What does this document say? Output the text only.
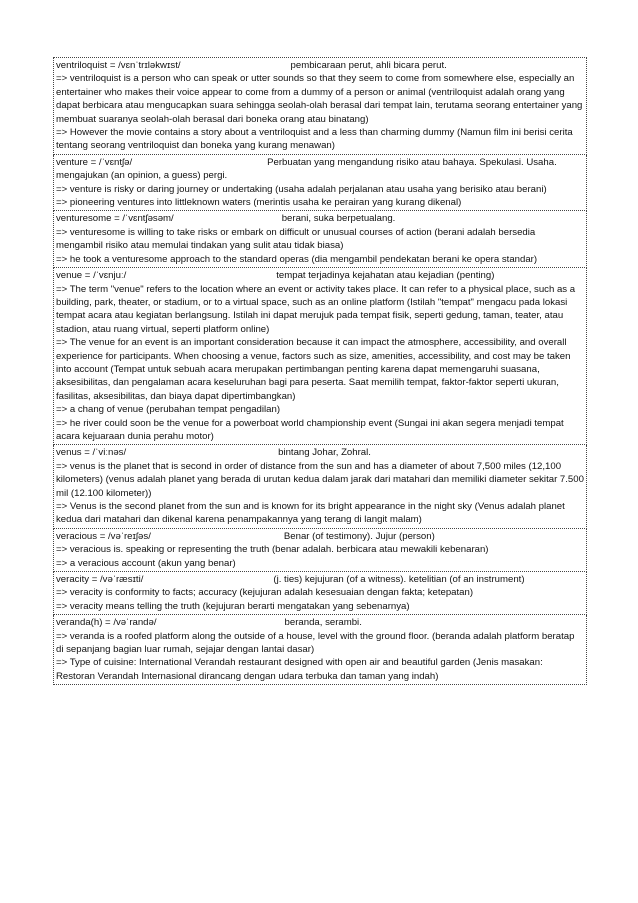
ventriloquist = /vɛnˈtrɪləkwɪst/	pembicaraan perut, ahli bicara perut.
=> ventriloquist is a person who can speak or utter sounds so that they seem to come from somewhere else, especially an entertainer who makes their voice appear to come from a dummy of a person or animal (ventriloquist adalah orang yang dapat berbicara atau mengucapkan suara sehingga seolah-olah berasal dari tempat lain, terutama seorang entertainer yang membuat suaranya seolah-olah berasal dari boneka orang atau binatang)
=> However the movie contains a story about a ventriloquist and a less than charming dummy (Namun film ini berisi cerita tentang seorang ventriloquist dan boneka yang kurang menawan)
venture = /ˈvɛntʃə/	Perbuatan yang mengandung risiko atau bahaya. Spekulasi. Usaha. mengajukan (an opinion, a guess) pergi.
=> venture is risky or daring journey or undertaking (usaha adalah perjalanan atau usaha yang berisiko atau berani)
=> pioneering ventures into littleknown waters (merintis usaha ke perairan yang kurang dikenal)
venturesome = /ˈvɛntʃəsəm/	berani, suka berpetualang.
=> venturesome is willing to take risks or embark on difficult or unusual courses of action (berani adalah bersedia mengambil risiko atau memulai tindakan yang sulit atau tidak biasa)
=> he took a venturesome approach to the standard operas (dia mengambil pendekatan berani ke opera standar)
venue = /ˈvɛnjuː/	tempat terjadinya kejahatan atau kejadian (penting)
=> The term "venue" refers to the location where an event or activity takes place. It can refer to a physical place, such as a building, park, theater, or stadium, or to a virtual space, such as an online platform (Istilah "tempat" mengacu pada lokasi tempat acara atau kegiatan berlangsung. Istilah ini dapat merujuk pada tempat fisik, seperti gedung, taman, teater, atau stadion, atau ruang virtual, seperti platform online)
=> The venue for an event is an important consideration because it can impact the atmosphere, accessibility, and overall experience for participants. When choosing a venue, factors such as size, amenities, accessibility, and cost may be taken into account (Tempat untuk sebuah acara merupakan pertimbangan penting karena dapat memengaruhi suasana, aksesibilitas, dan pengalaman acara keseluruhan bagi para peserta. Saat memilih tempat, faktor-faktor seperti ukuran, fasilitas, aksesibilitas, dan biaya dapat dipertimbangkan)
=> a chang of venue (perubahan tempat pengadilan)
=> he river could soon be the venue for a powerboat world championship event (Sungai ini akan segera menjadi tempat acara kejuaraan dunia perahu motor)
venus = /ˈviːnəs/	bintang Johar, Zohral.
=> venus is the planet that is second in order of distance from the sun and has a diameter of about 7,500 miles (12,100 kilometers) (venus adalah planet yang berada di urutan kedua dalam jarak dari matahari dan memiliki diameter sekitar 7.500 mil (12.100 kilometer))
=> Venus is the second planet from the sun and is known for its bright appearance in the night sky (Venus adalah planet kedua dari matahari dan dikenal karena penampakannya yang terang di langit malam)
veracious = /vəˈreɪʃəs/	Benar (of testimony). Jujur (person)
=> veracious is. speaking or representing the truth (benar adalah. berbicara atau mewakili kebenaran)
=> a veracious account (akun yang benar)
veracity = /vəˈræsɪti/	(j. ties) kejujuran (of a witness). ketelitian (of an instrument)
=> veracity is conformity to facts; accuracy (kejujuran adalah kesesuaian dengan fakta; ketepatan)
=> veracity means telling the truth (kejujuran berarti mengatakan yang sebenarnya)
veranda(h) = /vəˈrandə/	beranda, serambi.
=> veranda is a roofed platform along the outside of a house, level with the ground floor. (beranda adalah platform beratap di sepanjang bagian luar rumah, sejajar dengan lantai dasar)
=> Type of cuisine: International Verandah restaurant designed with open air and beautiful garden (Jenis masakan: Restoran Verandah Internasional dirancang dengan udara terbuka dan taman yang indah)
